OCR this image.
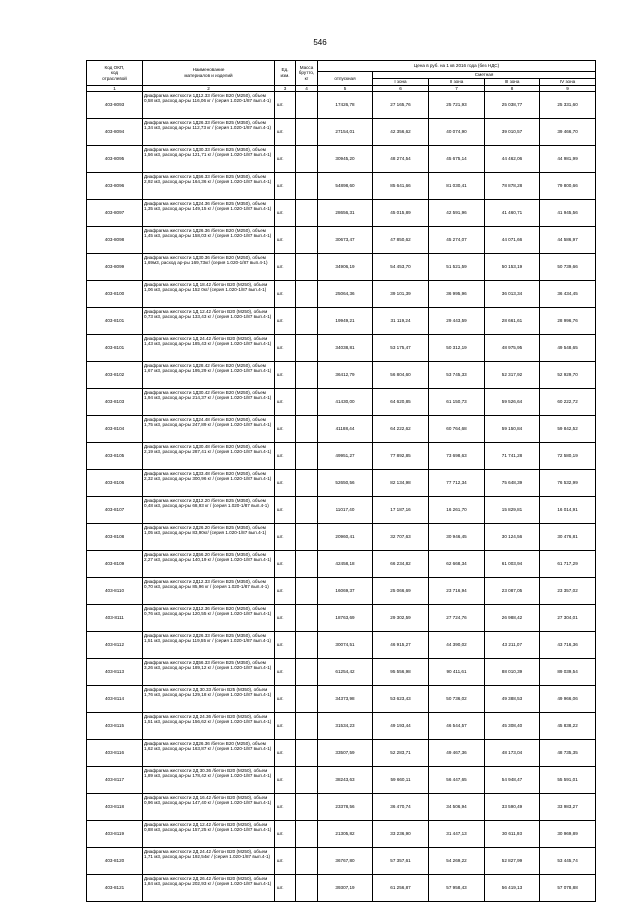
546
Код ОКП,
код
отраслевой	Наименование
материалов и изделий	Ед.
изм.	Масса
брутто,
кг	Цена в руб. на 1 кв 2016 года (без НДС)				
				отпускная	Сметная			
					I зона	II зона	III зона	IV зона
1	2	3	4	5	6	7	8	9
403-8093	Диафрагма жесткости 1Д12.33 /бетон В20 (М250), объем 0,58 м3, расход ар-ры 116,06 кг / (серия 1.020-1/87 вып.4-1)	шт.		17426,78	27 165,76	25 721,93	25 038,77	25 331,60
403-8094	Диафрагма жесткости 1Д26.33 /бетон В25 (М350), объем 1,34 м3, расход ар-ры 112,73 кг / (серия 1.020-1/87 вып.4-1)	шт.		27154,01	42 356,62	40 074,90	39 010,57	39 466,70
403-8095	Диафрагма жесткости 1Д30.33 /бетон В25 (М350), объем 1,56 м3, расход ар-ры 121,71 кг / (серия 1.020-1/87 вып.4-1)	шт.		30945,20	48 274,54	45 675,14	44 462,06	44 981,99
403-8096	Диафрагма жесткости 1Д56.33 /бетон В25 (М350), объем 2,92 м3, расход ар-ры 164,36 кг / (серия 1.020-1/87 вып.4-1)	шт.		54898,60	85 641,66	81 030,41	78 878,28	79 800,66
403-8097	Диафрагма жесткости 1Д24.36 /бетон В25 (М350), объем 1,35 м3, расход ар-ры 149,15 кг / (серия 1.020-1/87 вып.4-1)	шт.		28656,31	45 015,89	42 591,96	41 460,71	41 945,56
403-8098	Диафрагма жесткости 1Д26.36 /бетон В20 (М250), объем 1,45 м3, расход ар-ры 158,03 кг / (серия 1.020-1/87 вып.4-1)	шт.		30673,47	47 850,62	45 274,07	44 071,66	44 586,97
403-8099	Диафрагма жесткости 1Д30.36 /бетон В20 (М250), объем 1,69м3, расход ар-ры 169,73кг/ (серия 1.020-1/87 вып.4-1)	шт.		34906,19	54 453,70	51 521,59	50 153,19	50 739,66
403-8100	Диафрагма жесткости 1Д 18.42 /бетон В20 (М250), объем 1,06 м3, расход ар-ры 152 0кг/ (серия 1.020-1/87 вып.4-1)	шт.		25064,36	39 101,39	36 995,96	36 013,34	36 434,45
403-8101	Диафрагма жесткости 1Д 12.42 /бетон В20 (М250), объем 0,73 м3, расход ар-ры 133,43 кг / (серия 1.020-1/87 вып.4-1)	шт.		19949,21	31 119,24	29 443,59	28 661,61	28 996,76
403-8101	Диафрагма жесткости 1Д 24.42 /бетон В20 (М250), объем 1,43 м3, расход ар-ры 185,43 кг / (серия 1.020-1/87 вып.4-1)	шт.		34038,81	53 175,47	50 312,19	48 975,95	49 548,65
403-8102	Диафрагма жесткости 1Д28.42 /бетон В20 (М250), объем 1,67 м3, расход ар-ры 195,29 кг / (серия 1.020-1/87 вып.4-1)	шт.		36412,79	56 804,60	53 745,33	52 317,92	52 929,70
403-8103	Диафрагма жесткости 1Д30.42 /бетон В20 (М250), объем 1,94 м3, расход ар-ры 214,37 кг / (серия 1.020-1/87 вып.4-1)	шт.		41430,00	64 620,85	61 150,73	59 526,64	60 222,72
403-8104	Диафрагма жесткости 1Д24.48 /бетон В20 (М250), объем 1,75 м3, расход ар-ры 247,89 кг / (серия 1.020-1/87 вып.4-1)	шт.		41188,44	64 222,62	60 764,68	59 150,84	59 842,52
403-8105	Диафрагма жесткости 1Д30.48 /бетон В20 (М250), объем 2,19 м3, расход ар-ры 287,41 кг / (серия 1.020-1/87 вып.4-1)	шт.		49951,27	77 892,85	73 698,63	71 741,28	72 580,19
403-8106	Диафрагма жесткости 1Д33.48 /бетон В20 (М250), объем 2,32 м3, расход ар-ры 300,96 кг / (серия 1.020-1/87 вып.4-1)	шт.		52650,56	82 134,98	77 712,34	75 648,39	76 532,99
403-8107	Диафрагма жесткости 2Д12.20 /бетон В25 (М350), объем 0,48 м3, расход ар-ры 68,93 кг / (серия 1.020-1/87 вып.4-1)	шт.		11017,40	17 187,16	16 261,70	15 829,81	16 014,91
403-8108	Диафрагма жесткости 2Д26.20 /бетон В25 (М350), объем 1,05 м3, расход ар-ры 83,90кг/ (серия 1.020-1/87 вып.4-1)	шт.		20960,41	32 707,63	30 946,45	30 124,56	30 476,81
403-8109	Диафрагма жесткости 2Д56.20 /бетон В25 (М350), объем 2,27 м3, расход ар-ры 140,19 кг / (серия 1.020-1/87 вып.4-1)	шт.		42458,18	66 234,82	62 668,34	61 003,94	61 717,29
403-8110	Диафрагма жесткости 2Д12.33 /бетон В25 (М350), объем 0,70 м3, расход ар-ры 85,96 кг / (серия 1.020-1/87 вып.4-1)	шт.		16069,37	25 066,69	23 716,94	23 087,05	23 357,02
403-8111	Диафрагма жесткости 2Д12.36 /бетон В20 (М250), объем 0,76 м3, расход ар-ры 120,55 кг / (серия 1.020-1/87 вып.4-1)	шт.		18763,69	29 302,59	27 724,76	26 988,42	27 304,01
403-8112	Диафрагма жесткости 2Д26.33 /бетон В25 (М350), объем 1,51 м3, расход ар-ры 119,55 кг / (серия 1.020-1/87 вып.4-1)	шт.		30074,51	46 915,27	44 390,02	43 211,07	43 716,36
403-8113	Диафрагма жесткости 2Д56.33 /бетон В25 (М350), объем 3,26 м3, расход ар-ры 189,12 кг / (серия 1.020-1/87 вып.4-1)	шт.		61254,42	95 556,98	90 411,61	88 010,39	89 039,54
403-8114	Диафрагма жесткости 2Д 30.33 /бетон В25 (М350), объем 1,76 м3, расход ар-ры 129,18 кг / (серия 1.020-1/87 вып.4-1)	шт.		34373,98	53 623,43	50 736,02	49 388,53	49 966,06
403-8115	Диафрагма жесткости 2Д 24.36 /бетон В20 (М250), объем 1,51 м3, расход ар-ры 156,62 кг / (серия 1.020-1/87 вып.4-1)	шт.		31534,23	49 193,44	46 544,57	45 308,40	45 838,22
403-8116	Диафрагма жесткости 2Д26.36 /бетон В20 (М250), объем 1,62 м3, расход ар-ры 163,87 кг / (серия 1.020-1/87 вып.4-1)	шт.		33507,59	52 283,71	49 467,36	48 173,04	48 735,35
403-8117	Диафрагма жесткости 2Д 30.36 /бетон В20 (М250), объем 1,89 м3, расход ар-ры 178,42 кг / (серия 1.020-1/87 вып.4-1)	шт.		38243,63	59 660,11	56 447,65	54 948,47	55 591,01
403-8118	Диафрагма жесткости 2Д 16.42 /бетон В20 (М250), объем 0,96 м3, расход ар-ры 147,40 кг / (серия 1.020-1/87 вып.4-1)	шт.		23378,56	36 470,74	34 506,94	33 590,49	33 983,27
403-8119	Диафрагма жесткости 2Д 12.42 /бетон В20 (М250), объем 0,88 м3, расход ар-ры 157,25 кг / (серия 1.020-1/87 вып.4-1)	шт.		21305,82	33 236,90	31 447,13	30 611,93	30 969,89
403-8120	Диафрагма жесткости 2Д 24.42 /бетон В20 (М250), объем 1,71 м3, расход ар-ры 192,54кг / (серия 1.020-1/87 вып.4-1)	шт.		36767,80	57 357,61	54 269,22	52 827,99	53 445,74
403-8121	Диафрагма жесткости 2Д 26.42 /бетон В20 (М250), объем 1,84 м3, расход ар-ры 202,93 кг / (серия 1.020-1/87 вып.4-1)	шт.		39307,19	61 256,87	57 958,43	56 419,13	57 078,88
